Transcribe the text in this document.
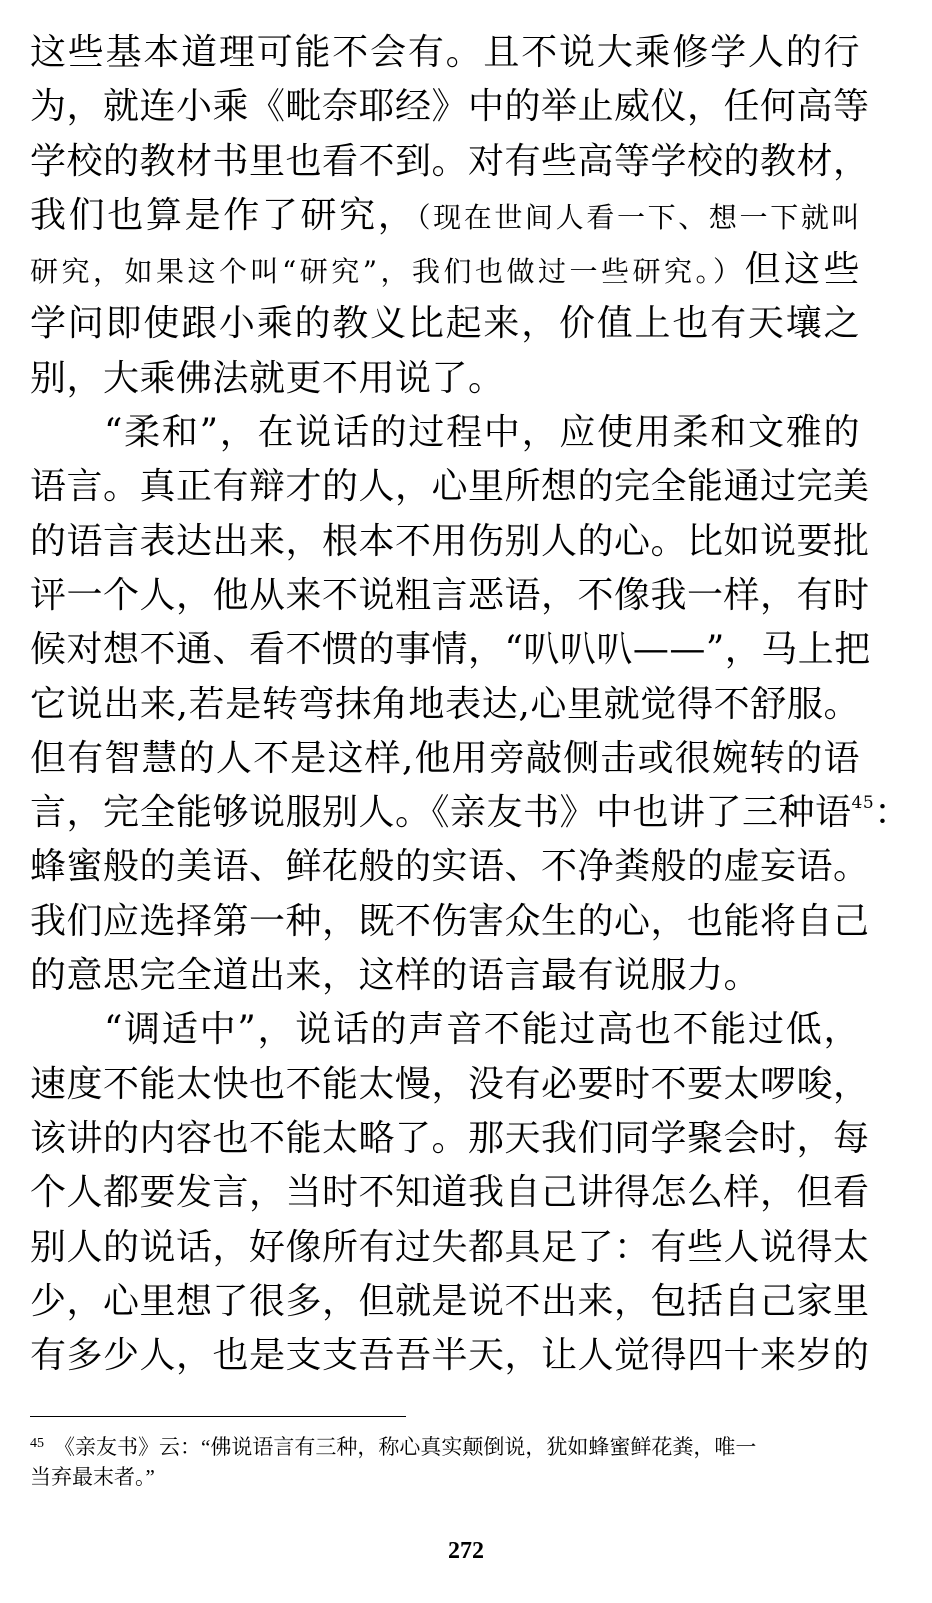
这些基本道理可能不会有。且不说大乘修学人的行
为，就连小乘《毗奈耶经》中的举止威仪，任何高等
学校的教材书里也看不到。对有些高等学校的教材，
我们也算是作了研究，（现在世间人看一下、想一下就叫
研究，如果这个叫“研究”，我们也做过一些研究。）但这些
学问即使跟小乘的教义比起来，价值上也有天壤之
别，大乘佛法就更不用说了。
“柔和”，在说话的过程中，应使用柔和文雅的
语言。真正有辩才的人，心里所想的完全能通过完美
的语言表达出来，根本不用伤别人的心。比如说要批
评一个人，他从来不说粗言恶语，不像我一样，有时
候对想不通、看不惯的事情，“叭叭叭——”，马上把
它说出来,若是转弯抹角地表达,心里就觉得不舒服。
但有智慧的人不是这样,他用旁敲侧击或很婉转的语
言，完全能够说服别人。《亲友书》中也讲了三种语$^{45}$：
蜂蜜般的美语、鲜花般的实语、不净粪般的虚妄语。
我们应选择第一种，既不伤害众生的心，也能将自己
的意思完全道出来，这样的语言最有说服力。
“调适中”，说话的声音不能过高也不能过低，
速度不能太快也不能太慢，没有必要时不要太啰唆，
该讲的内容也不能太略了。那天我们同学聚会时，每
个人都要发言，当时不知道我自己讲得怎么样，但看
别人的说话，好像所有过失都具足了：有些人说得太
少，心里想了很多，但就是说不出来，包括自己家里
有多少人，也是支支吾吾半天，让人觉得四十来岁的
$^{45}$ 《亲友书》云：“佛说语言有三种，称心真实颠倒说，犹如蜂蜜鲜花粪，唯一
当弃最末者。”
272
